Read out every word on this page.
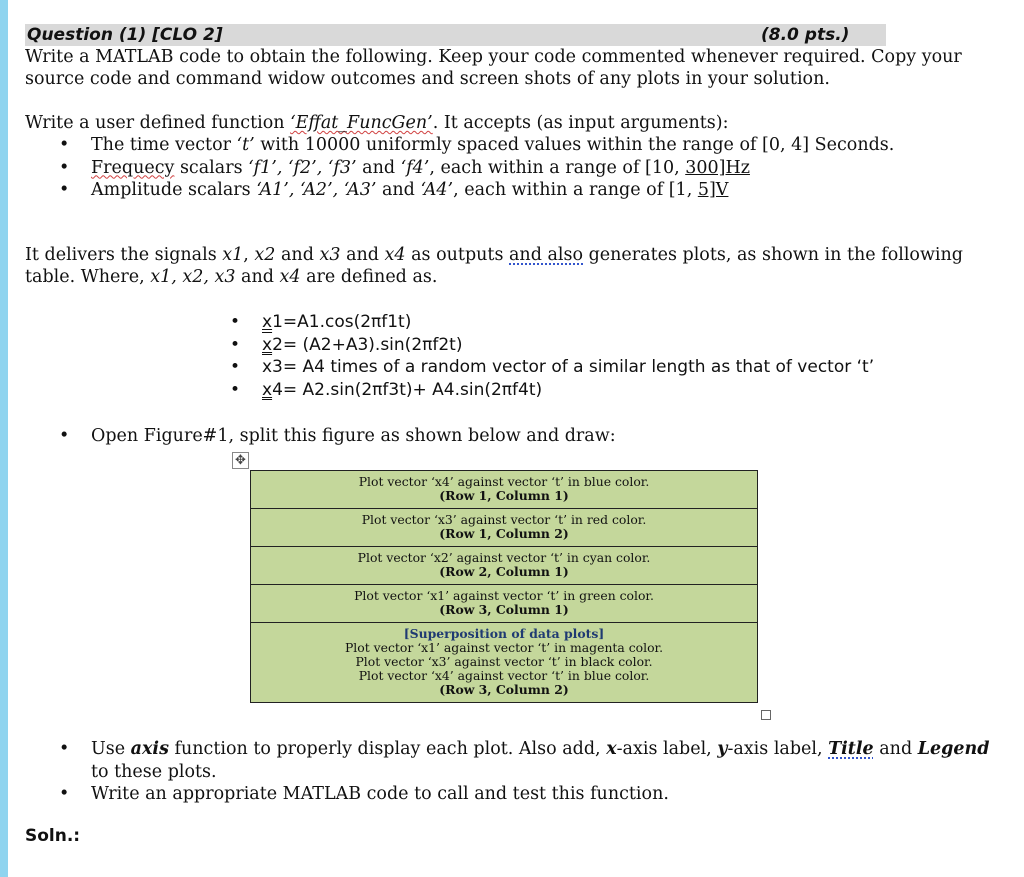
Question (1) [CLO 2]	(8.0 pts.)

Write a MATLAB code to obtain the following. Keep your code commented whenever required. Copy your source code and command widow outcomes and screen shots of any plots in your solution.

Write a user defined function ‘Effat_FuncGen’. It accepts (as input arguments):

• The time vector ‘t’ with 10000 uniformly spaced values within the range of [0, 4] Seconds.
• Frequecy scalars ‘f1’, ‘f2’, ‘f3’ and ‘f4’, each within a range of [10, 300]Hz
• Amplitude scalars ‘A1’, ‘A2’, ‘A3’ and ‘A4’, each within a range of [1, 5]V

It delivers the signals x1, x2 and x3 and x4 as outputs and also generates plots, as shown in the following table. Where, x1, x2, x3 and x4 are defined as.

• x1=A1.cos(2πf1t)
• x2= (A2+A3).sin(2πf2t)
• x3= A4 times of a random vector of a similar length as that of vector ‘t’
• x4= A2.sin(2πf3t)+ A4.sin(2πf4t)
• Open Figure#1, split this figure as shown below and draw:
✥
Plot vector ‘x4’ against vector ‘t’ in blue color.
(Row 1, Column 1)

Plot vector ‘x3’ against vector ‘t’ in red color.
(Row 1, Column 2)

Plot vector ‘x2’ against vector ‘t’ in cyan color.
(Row 2, Column 1)

Plot vector ‘x1’ against vector ‘t’ in green color.
(Row 3, Column 1)

[Superposition of data plots]
Plot vector ‘x1’ against vector ‘t’ in magenta color.
Plot vector ‘x3’ against vector ‘t’ in black color.
Plot vector ‘x4’ against vector ‘t’ in blue color.
(Row 3, Column 2)
• Use axis function to properly display each plot. Also add, x-axis label, y-axis label, Title and Legend to these plots.
• Write an appropriate MATLAB code to call and test this function.
Soln.:
